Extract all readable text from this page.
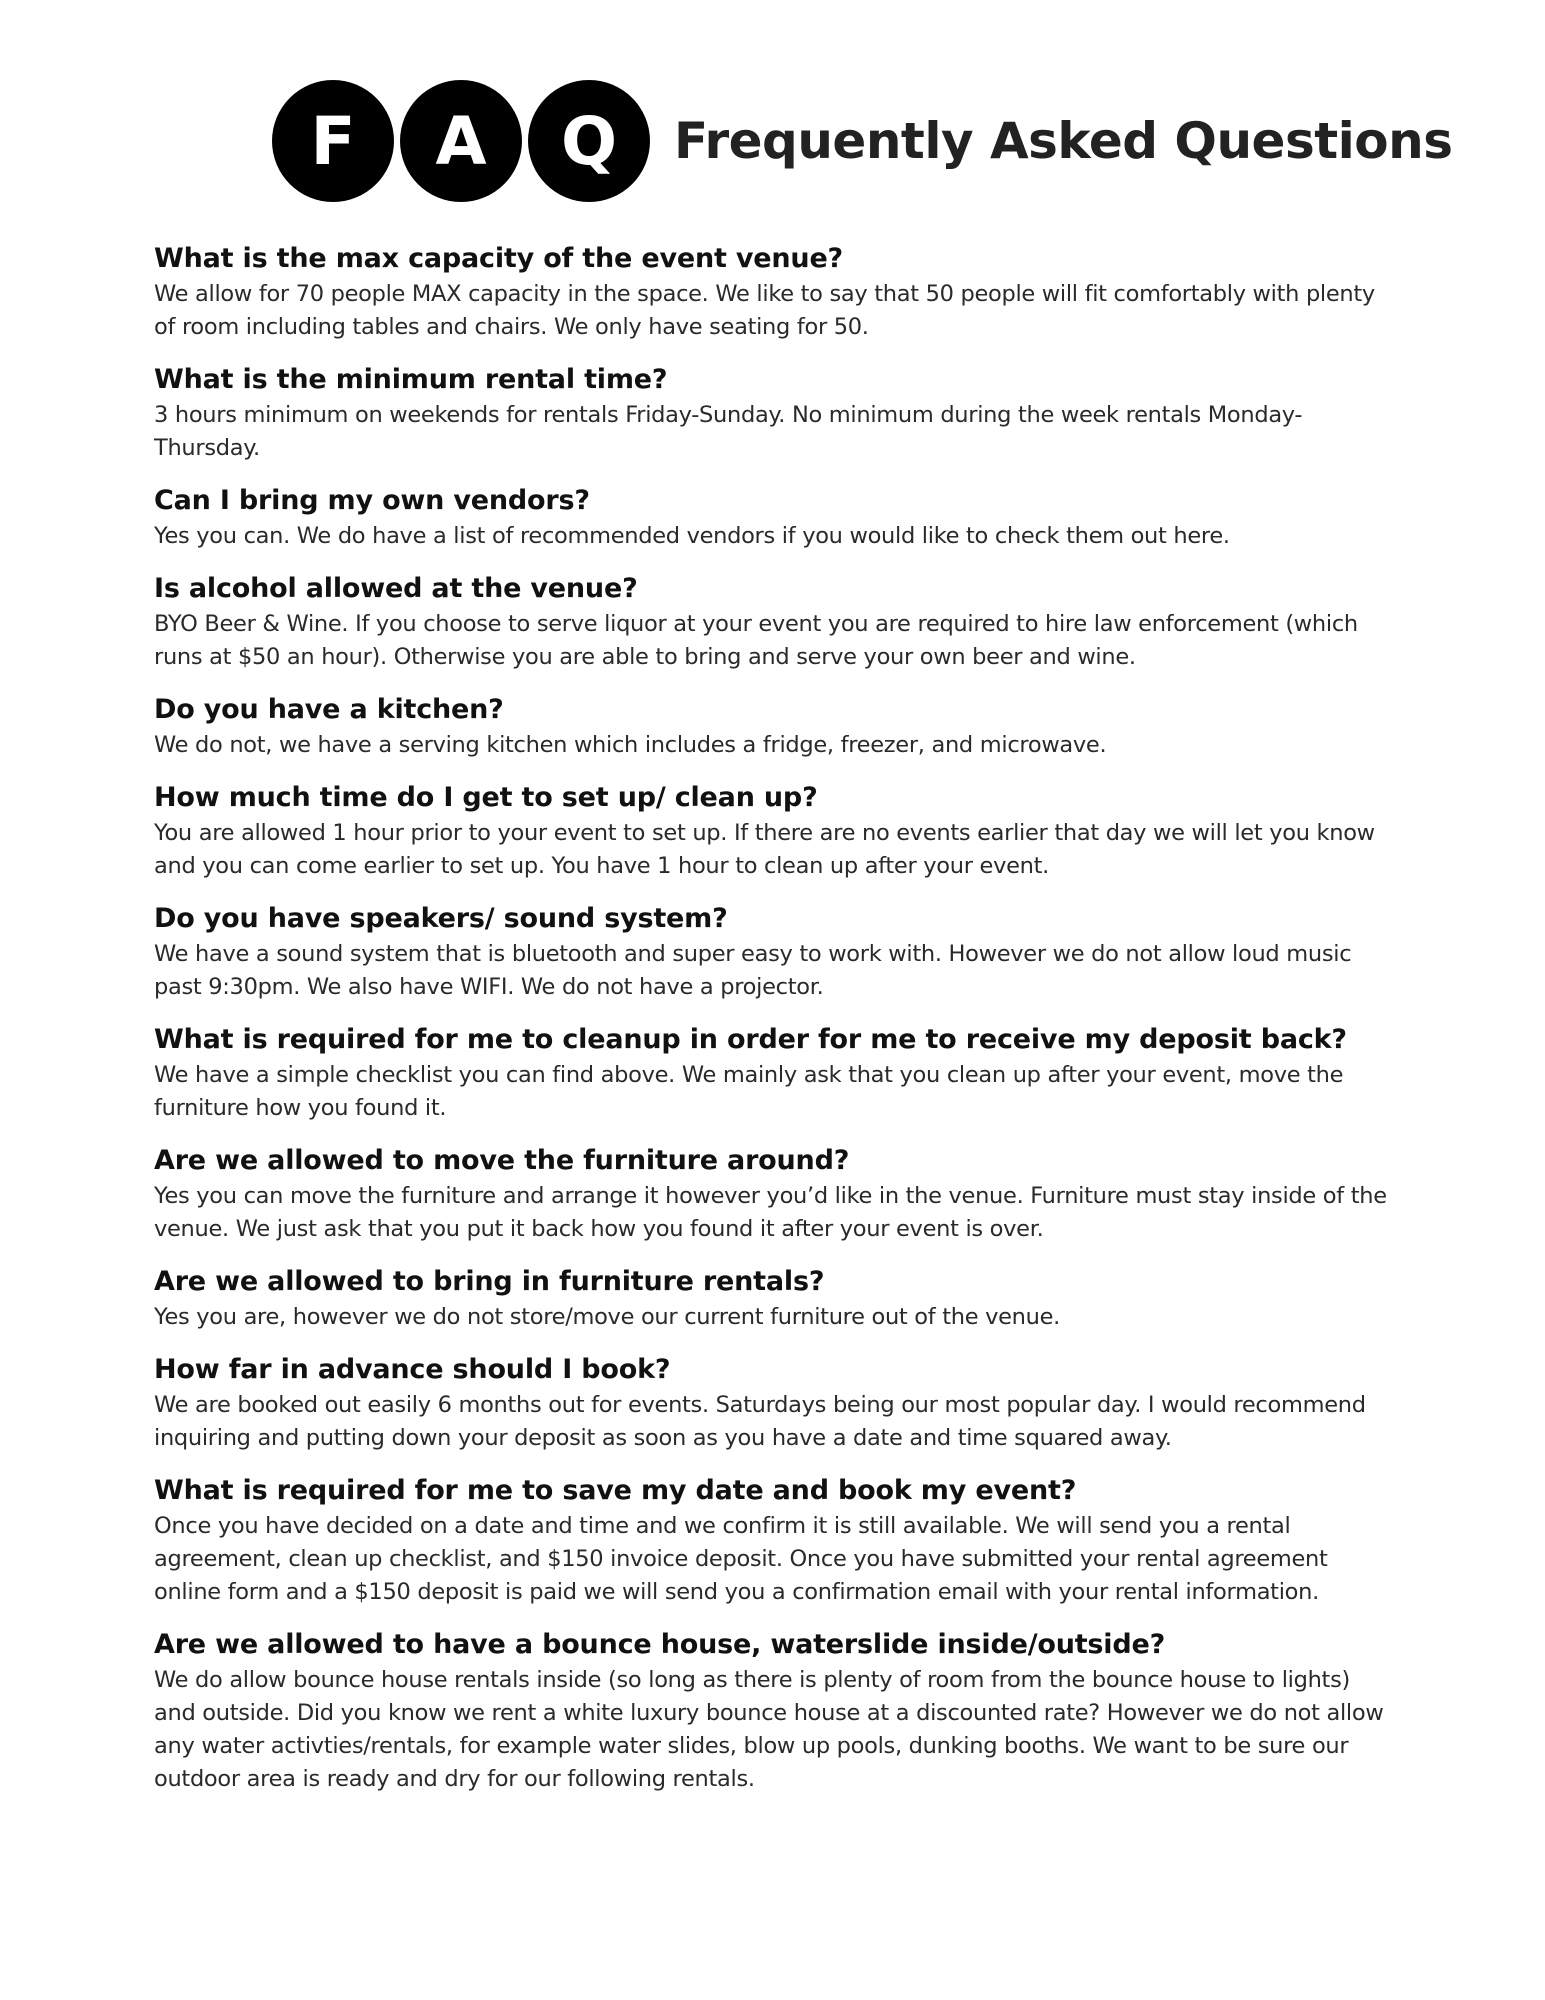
F	A	Q	Frequently Asked Questions
What is the max capacity of the event venue?
We allow for 70 people MAX capacity in the space. We like to say that 50 people will fit comfortably with plenty of room including tables and chairs. We only have seating for 50.
What is the minimum rental time?
3 hours minimum on weekends for rentals Friday-Sunday. No minimum during the week rentals Monday-Thursday.
Can I bring my own vendors?
Yes you can. We do have a list of recommended vendors if you would like to check them out here.
Is alcohol allowed at the venue?
BYO Beer & Wine. If you choose to serve liquor at your event you are required to hire law enforcement (which runs at $50 an hour). Otherwise you are able to bring and serve your own beer and wine.
Do you have a kitchen?
We do not, we have a serving kitchen which includes a fridge, freezer, and microwave.
How much time do I get to set up/ clean up?
You are allowed 1 hour prior to your event to set up. If there are no events earlier that day we will let you know and you can come earlier to set up. You have 1 hour to clean up after your event.
Do you have speakers/ sound system?
We have a sound system that is bluetooth and super easy to work with. However we do not allow loud music past 9:30pm. We also have WIFI. We do not have a projector.
What is required for me to cleanup in order for me to receive my deposit back?
We have a simple checklist you can find above. We mainly ask that you clean up after your event, move the furniture how you found it.
Are we allowed to move the furniture around?
Yes you can move the furniture and arrange it however you’d like in the venue. Furniture must stay inside of the venue. We just ask that you put it back how you found it after your event is over.
Are we allowed to bring in furniture rentals?
Yes you are, however we do not store/move our current furniture out of the venue.
How far in advance should I book?
We are booked out easily 6 months out for events. Saturdays being our most popular day. I would recommend inquiring and putting down your deposit as soon as you have a date and time squared away.
What is required for me to save my date and book my event?
Once you have decided on a date and time and we confirm it is still available. We will send you a rental agreement, clean up checklist, and $150 invoice deposit. Once you have submitted your rental agreement online form and a $150 deposit is paid we will send you a confirmation email with your rental information.
Are we allowed to have a bounce house, waterslide inside/outside?
We do allow bounce house rentals inside (so long as there is plenty of room from the bounce house to lights) and outside. Did you know we rent a white luxury bounce house at a discounted rate? However we do not allow any water activties/rentals, for example water slides, blow up pools, dunking booths. We want to be sure our outdoor area is ready and dry for our following rentals.
